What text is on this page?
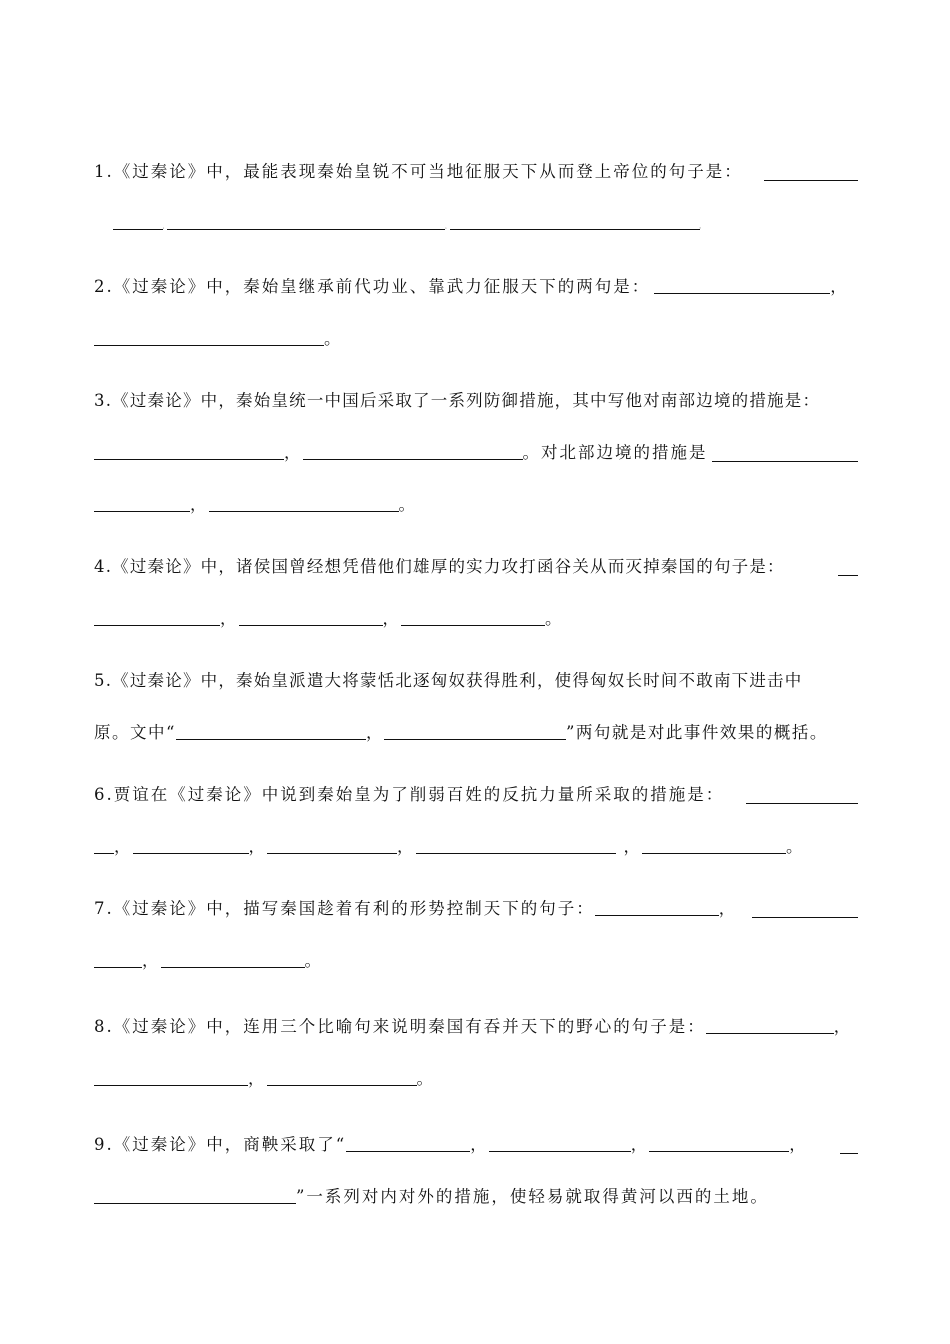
1.《过秦论》中，最能表现秦始皇锐不可当地征服天下从而登上帝位的句子是：
，	，	。
2.《过秦论》中，秦始皇继承前代功业、靠武力征服天下的两句是：	，
。
3.《过秦论》中，秦始皇统一中国后采取了一系列防御措施，其中写他对南部边境的措施是：
，	。对北部边境的措施是
，	。
4.《过秦论》中，诸侯国曾经想凭借他们雄厚的实力攻打函谷关从而灭掉秦国的句子是：
，	，	。
5.《过秦论》中，秦始皇派遣大将蒙恬北逐匈奴获得胜利，使得匈奴长时间不敢南下进击中
原。文中“	，	”两句就是对此事件效果的概括。
6.贾谊在《过秦论》中说到秦始皇为了削弱百姓的反抗力量所采取的措施是：
，	，	，	，	。
7.《过秦论》中，描写秦国趁着有利的形势控制天下的句子：	，
，	。
8.《过秦论》中，连用三个比喻句来说明秦国有吞并天下的野心的句子是：	，
，	。
9.《过秦论》中，商鞅采取了“	，	，	，
”一系列对内对外的措施，使轻易就取得黄河以西的土地。
